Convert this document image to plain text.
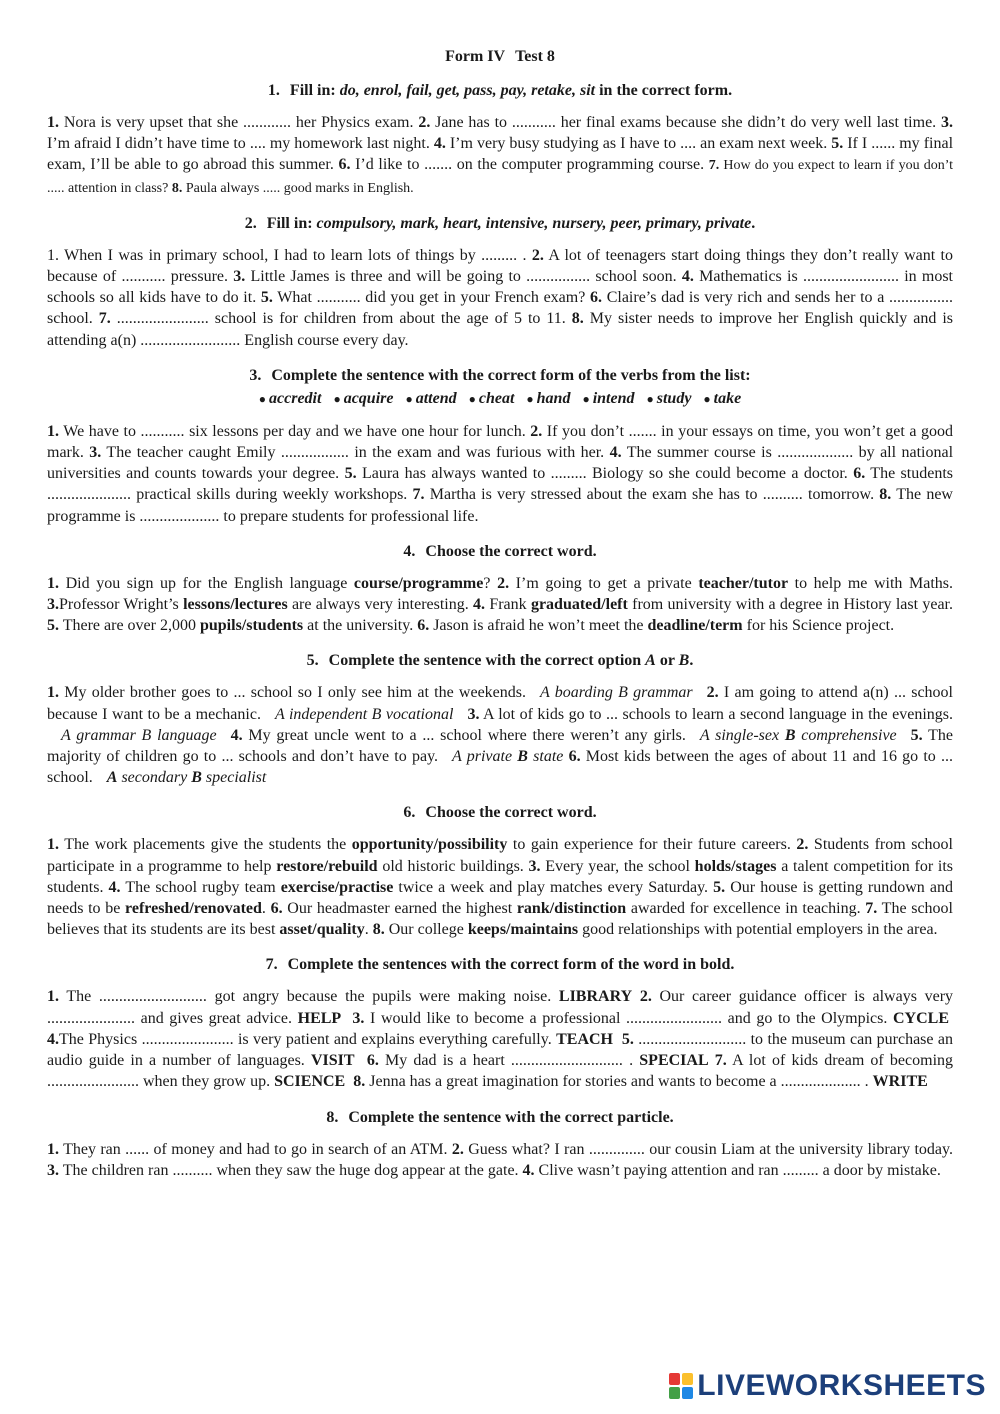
Form IV Test 8
1. Fill in: do, enrol, fail, get, pass, pay, retake, sit in the correct form.

1. Nora is very upset that she ............ her Physics exam. 2. Jane has to ........... her final exams because she didn’t do very well last time. 3. I’m afraid I didn’t have time to .... my homework last night. 4. I’m very busy studying as I have to .... an exam next week. 5. If I ...... my final exam, I’ll be able to go abroad this summer. 6. I’d like to ....... on the computer programming course. 7. How do you expect to learn if you don’t ..... attention in class? 8. Paula always ..... good marks in English.

2. Fill in: compulsory, mark, heart, intensive, nursery, peer, primary, private.

1. When I was in primary school, I had to learn lots of things by ......... . 2. A lot of teenagers start doing things they don’t really want to because of ........... pressure. 3. Little James is three and will be going to ................ school soon. 4. Mathematics is ........................ in most schools so all kids have to do it. 5. What ........... did you get in your French exam? 6. Claire’s dad is very rich and sends her to a ................ school. 7. ....................... school is for children from about the age of 5 to 11. 8. My sister needs to improve her English quickly and is attending a(n) ......................... English course every day.

3. Complete the sentence with the correct form of the verbs from the list:
● accredit ● acquire ● attend ● cheat ● hand ● intend ● study ● take

1. We have to ........... six lessons per day and we have one hour for lunch. 2. If you don’t ....... in your essays on time, you won’t get a good mark. 3. The teacher caught Emily ................. in the exam and was furious with her. 4. The summer course is ................... by all national universities and counts towards your degree. 5. Laura has always wanted to ......... Biology so she could become a doctor. 6. The students ..................... practical skills during weekly workshops. 7. Martha is very stressed about the exam she has to .......... tomorrow. 8. The new programme is .................... to prepare students for professional life.

4. Choose the correct word.

1. Did you sign up for the English language course/programme? 2. I’m going to get a private teacher/tutor to help me with Maths. 3.Professor Wright’s lessons/lectures are always very interesting. 4. Frank graduated/left from university with a degree in History last year. 5. There are over 2,000 pupils/students at the university. 6. Jason is afraid he won’t meet the deadline/term for his Science project.

5. Complete the sentence with the correct option A or B.

1. My older brother goes to ... school so I only see him at the weekends. A boarding B grammar 2. I am going to attend a(n) ... school because I want to be a mechanic. A independent B vocational 3. A lot of kids go to ... schools to learn a second language in the evenings.A grammar B language 4. My great uncle went to a ... school where there weren’t any girls. A single-sex B comprehensive 5. The majority of children go to ... schools and don’t have to pay. A private B state 6. Most kids between the ages of about 11 and 16 go to ... school. A secondary B specialist

6. Choose the correct word.

1. The work placements give the students the opportunity/possibility to gain experience for their future careers. 2. Students from school participate in a programme to help restore/rebuild old historic buildings. 3. Every year, the school holds/stages a talent competition for its students. 4. The school rugby team exercise/practise twice a week and play matches every Saturday. 5. Our house is getting rundown and needs to be refreshed/renovated. 6. Our headmaster earned the highest rank/distinction awarded for excellence in teaching. 7. The school believes that its students are its best asset/quality. 8. Our college keeps/maintains good relationships with potential employers in the area.

7. Complete the sentences with the correct form of the word in bold.

1. The ........................... got angry because the pupils were making noise. LIBRARY 2. Our career guidance officer is always very ...................... and gives great advice. HELP 3. I would like to become a professional ........................ and go to the Olympics. CYCLE  4.The Physics ....................... is very patient and explains everything carefully. TEACH 5. ........................... to the museum can purchase an audio guide in a number of languages. VISIT 6. My dad is a heart ............................ . SPECIAL 7. A lot of kids dream of becoming ....................... when they grow up. SCIENCE 8. Jenna has a great imagination for stories and wants to become a .................... . WRITE

8. Complete the sentence with the correct particle.

1. They ran ...... of money and had to go in search of an ATM. 2. Guess what? I ran .............. our cousin Liam at the university library today. 3. The children ran .......... when they saw the huge dog appear at the gate. 4. Clive wasn’t paying attention and ran ......... a door by mistake.

LIVEWORKSHEETS
